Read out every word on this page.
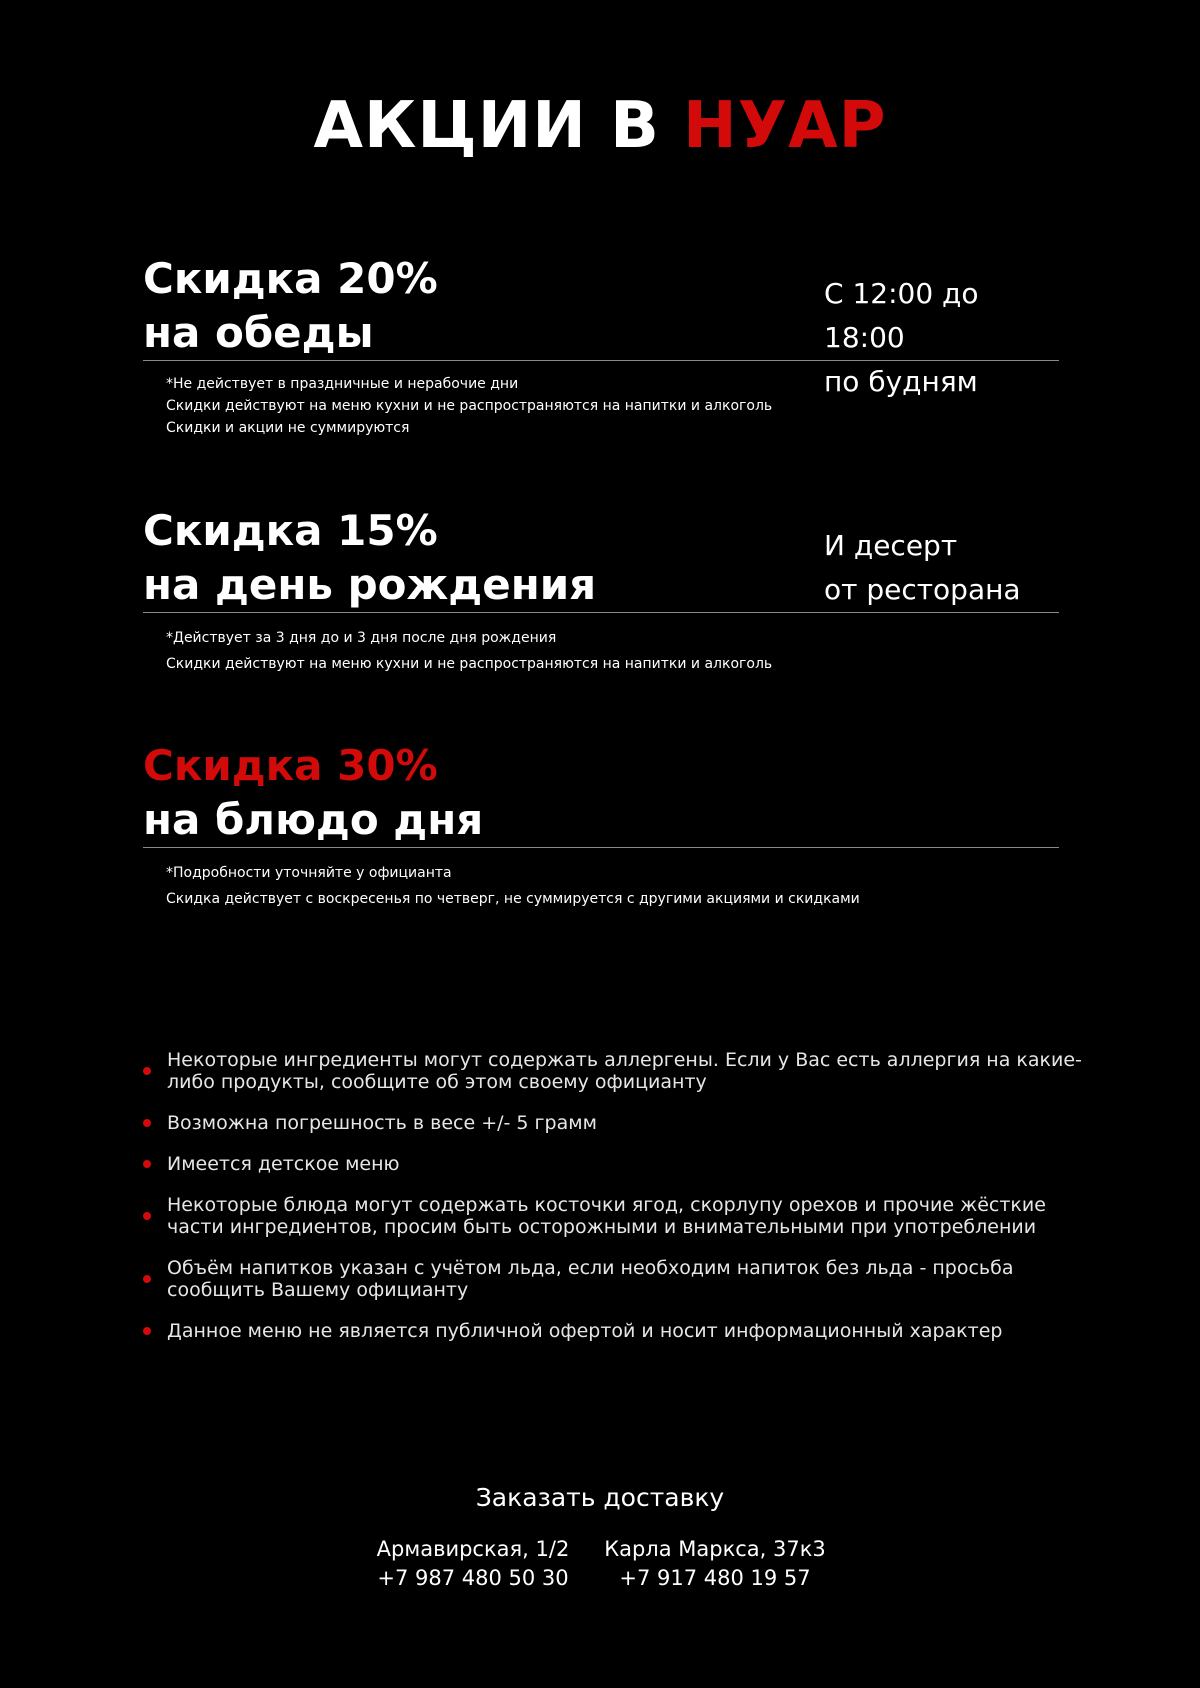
АКЦИИ В НУАР
Скидка 20%
на обеды
С 12:00 до 18:00
по будням
*Не действует в праздничные и нерабочие дни
Скидки действуют на меню кухни и не распространяются на напитки и алкоголь
Скидки и акции не суммируются
Скидка 15%
на день рождения
И десерт
от ресторана
*Действует за 3 дня до и 3 дня после дня рождения
Скидки действуют на меню кухни и не распространяются на напитки и алкоголь
Скидка 30%
на блюдо дня
*Подробности уточняйте у официанта
Скидка действует с воскресенья по четверг, не суммируется с другими акциями и скидками
Некоторые ингредиенты могут содержать аллергены. Если у Вас есть аллергия на какие-либо продукты, сообщите об этом своему официанту
Возможна погрешность в весе +/- 5 грамм
Имеется детское меню
Некоторые блюда могут содержать косточки ягод, скорлупу орехов и прочие жёсткие части ингредиентов, просим быть осторожными и внимательными при употреблении
Объём напитков указан с учётом льда, если необходим напиток без льда - просьба сообщить Вашему официанту
Данное меню не является публичной офертой и носит информационный характер
Заказать доставку
Армавирская, 1/2
+7 987 480 50 30
Карла Маркса, 37к3
+7 917 480 19 57
